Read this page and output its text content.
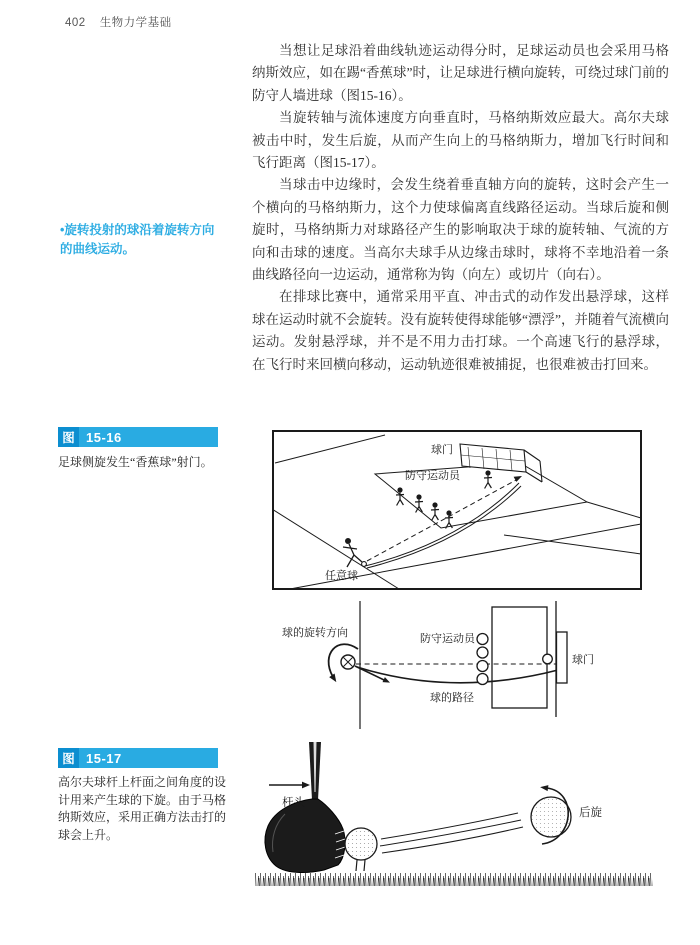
402 生物力学基础

当想让足球沿着曲线轨迹运动得分时，足球运动员也会采用马格纳斯效应，如在踢“香蕉球”时，让足球进行横向旋转，可绕过球门前的防守人墙进球（图15-16）。

当旋转轴与流体速度方向垂直时，马格纳斯效应最大。高尔夫球被击中时，发生后旋，从而产生向上的马格纳斯力，增加飞行时间和飞行距离（图15-17）。

当球击中边缘时，会发生绕着垂直轴方向的旋转，这时会产生一个横向的马格纳斯力，这个力使球偏离直线路径运动。当球后旋和侧旋时，马格纳斯力对球路径产生的影响取决于球的旋转轴、气流的方向和击球的速度。当高尔夫球手从边缘击球时，球将不幸地沿着一条曲线路径向一边运动，通常称为钩（向左）或切片（向右）。

在排球比赛中，通常采用平直、冲击式的动作发出悬浮球，这样球在运动时就不会旋转。没有旋转使得球能够“漂浮”，并随着气流横向运动。发射悬浮球，并不是不用力击打球。一个高速飞行的悬浮球，在飞行时来回横向移动，运动轨迹很难被捕捉，也很难被击打回来。

•旋转投射的球沿着旋转方向的曲线运动。
图 15-16
足球侧旋发生“香蕉球”射门。
球门
防守运动员
任意球
球的旋转方向	防守运动员
球门
球的路径
图 15-17
高尔夫球杆上杆面之间角度的设计用来产生球的下旋。由于马格纳斯效应，采用正确方法击打的球会上升。
杆头
后旋
